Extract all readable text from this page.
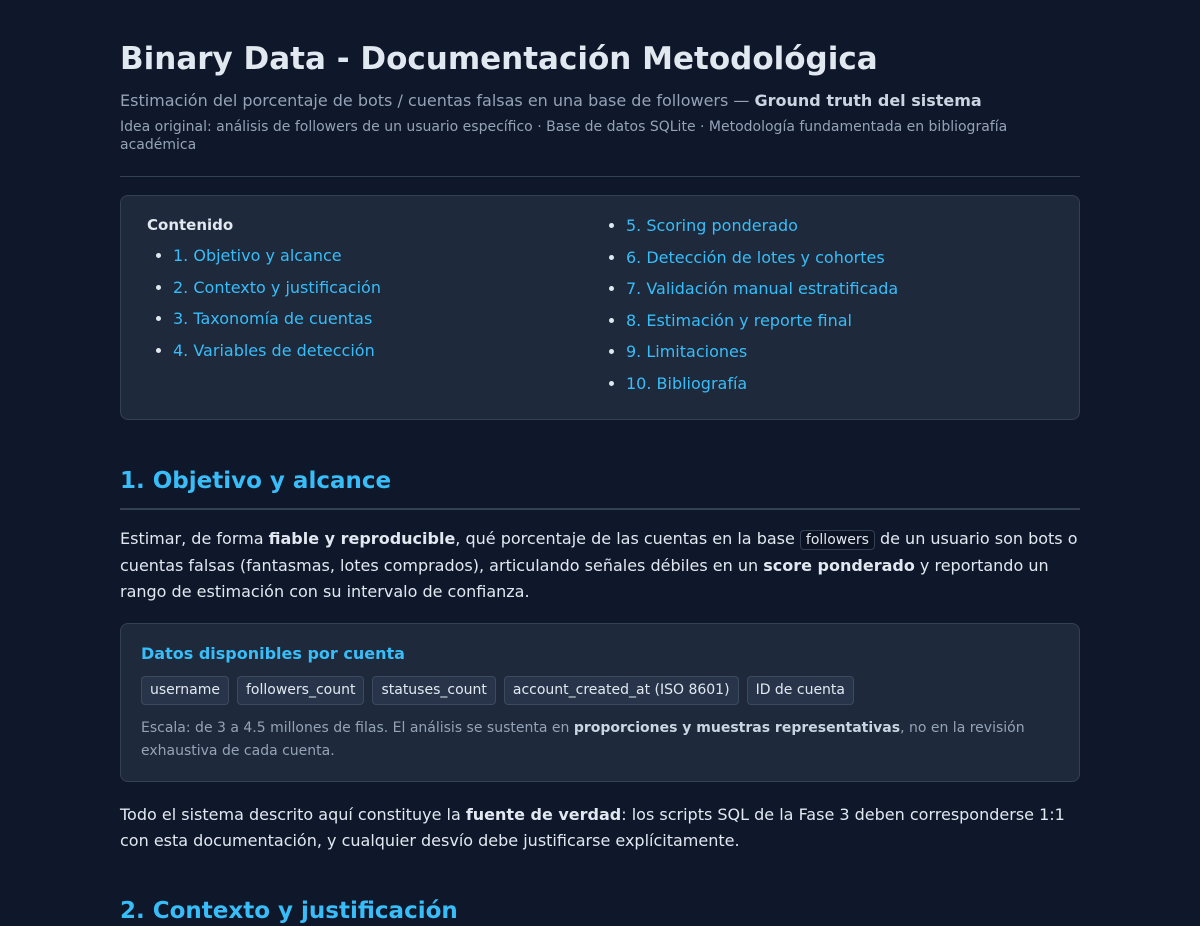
Binary Data - Documentación Metodológica
Estimación del porcentaje de bots / cuentas falsas en una base de followers — Ground truth del sistema
Idea original: análisis de followers de un usuario específico · Base de datos SQLite · Metodología fundamentada en bibliografía académica
Contenido
• 1. Objetivo y alcance
• 2. Contexto y justificación
• 3. Taxonomía de cuentas
• 4. Variables de detección
• 5. Scoring ponderado
• 6. Detección de lotes y cohortes
• 7. Validación manual estratificada
• 8. Estimación y reporte final
• 9. Limitaciones
• 10. Bibliografía
1. Objetivo y alcance

Estimar, de forma fiable y reproducible, qué porcentaje de las cuentas en la base followers de un usuario son bots o cuentas falsas (fantasmas, lotes comprados), articulando señales débiles en un score ponderado y reportando un rango de estimación con su intervalo de confianza.

Datos disponibles por cuenta
username	followers_count	statuses_count	account_created_at (ISO 8601)	ID de cuenta
Escala: de 3 a 4.5 millones de filas. El análisis se sustenta en proporciones y muestras representativas, no en la revisión exhaustiva de cada cuenta.

Todo el sistema descrito aquí constituye la fuente de verdad: los scripts SQL de la Fase 3 deben corresponderse 1:1 con esta documentación, y cualquier desvío debe justificarse explícitamente.

2. Contexto y justificación
